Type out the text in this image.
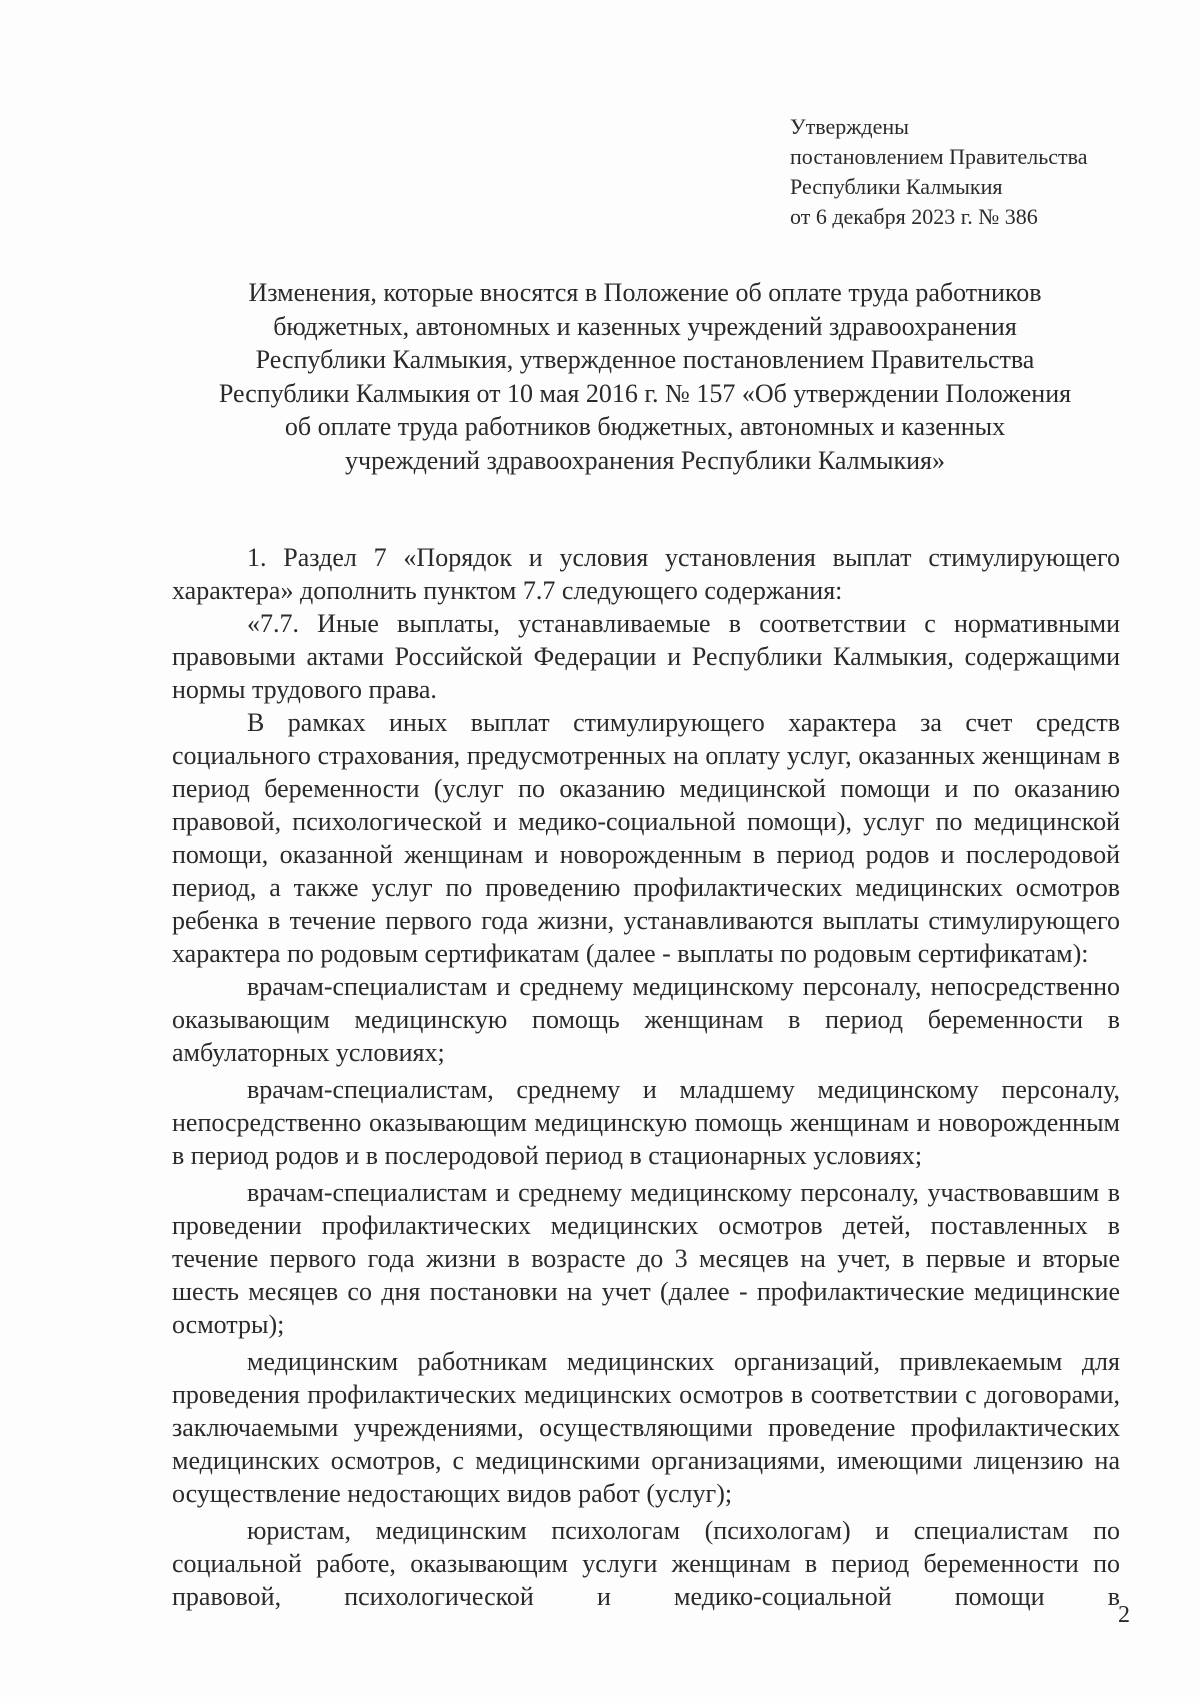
Утверждены
постановлением Правительства
Республики Калмыкия
от 6 декабря 2023 г. № 386
Изменения, которые вносятся в Положение об оплате труда работников
бюджетных, автономных и казенных учреждений здравоохранения
Республики Калмыкия, утвержденное постановлением Правительства
Республики Калмыкия от 10 мая 2016 г. № 157 «Об утверждении Положения
об оплате труда работников бюджетных, автономных и казенных
учреждений здравоохранения Республики Калмыкия»

1. Раздел 7 «Порядок и условия установления выплат стимулирующего характера» дополнить пунктом 7.7 следующего содержания:

«7.7. Иные выплаты, устанавливаемые в соответствии с нормативными правовыми актами Российской Федерации и Республики Калмыкия, содержащими нормы трудового права.

В рамках иных выплат стимулирующего характера за счет средств социального страхования, предусмотренных на оплату услуг, оказанных женщинам в период беременности (услуг по оказанию медицинской помощи и по оказанию правовой, психологической и медико-социальной помощи), услуг по медицинской помощи, оказанной женщинам и новорожденным в период родов и послеродовой период, а также услуг по проведению профилактических медицинских осмотров ребенка в течение первого года жизни, устанавливаются выплаты стимулирующего характера по родовым сертификатам (далее - выплаты по родовым сертификатам):

врачам-специалистам и среднему медицинскому персоналу, непосредственно оказывающим медицинскую помощь женщинам в период беременности в амбулаторных условиях;

врачам-специалистам, среднему и младшему медицинскому персоналу, непосредственно оказывающим медицинскую помощь женщинам и новорожденным в период родов и в послеродовой период в стационарных условиях;

врачам-специалистам и среднему медицинскому персоналу, участвовавшим в проведении профилактических медицинских осмотров детей, поставленных в течение первого года жизни в возрасте до 3 месяцев на учет, в первые и вторые шесть месяцев со дня постановки на учет (далее - профилактические медицинские осмотры);

медицинским работникам медицинских организаций, привлекаемым для проведения профилактических медицинских осмотров в соответствии с договорами, заключаемыми учреждениями, осуществляющими проведение профилактических медицинских осмотров, с медицинскими организациями, имеющими лицензию на осуществление недостающих видов работ (услуг);

юристам, медицинским психологам (психологам) и специалистам по социальной работе, оказывающим услуги женщинам в период беременности по правовой, психологической и медико-социальной помощи в

2
